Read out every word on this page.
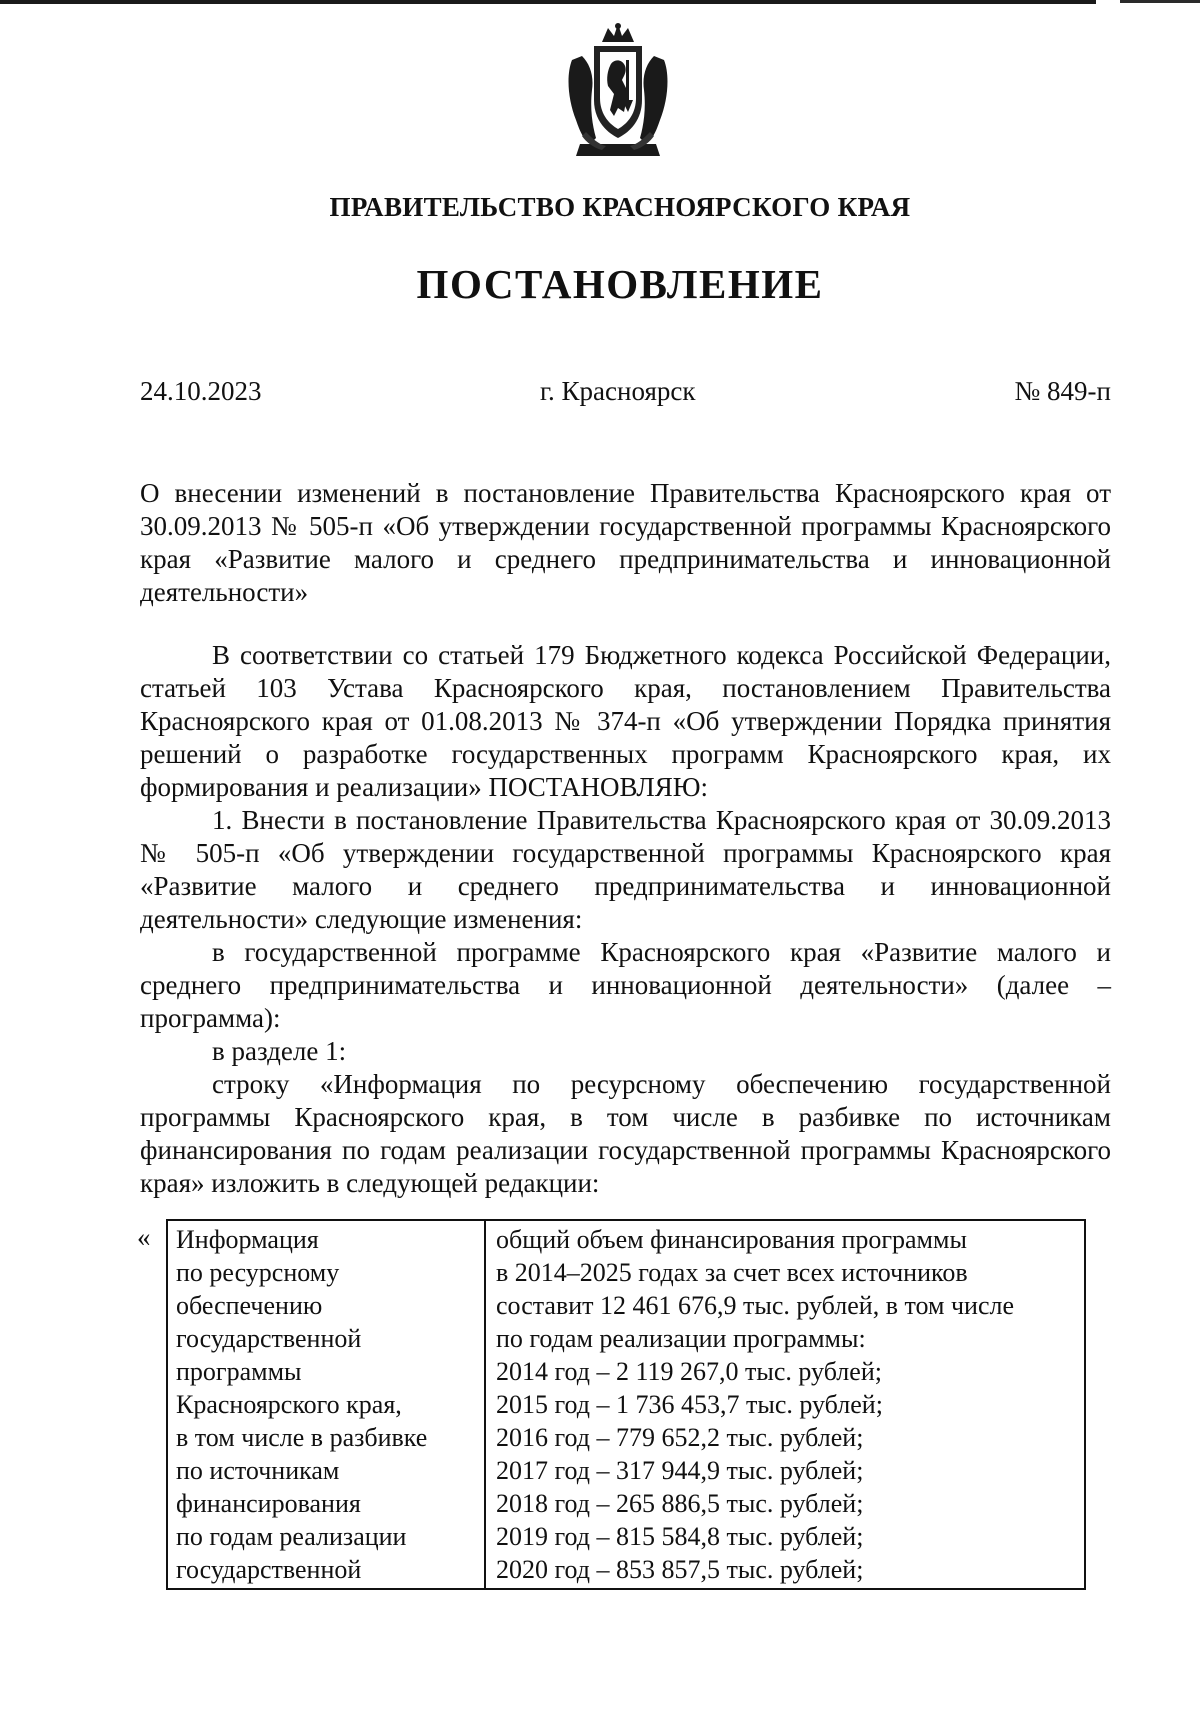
ПРАВИТЕЛЬСТВО КРАСНОЯРСКОГО КРАЯ
ПОСТАНОВЛЕНИЕ
24.10.2023	г. Красноярск	№ 849-п

О внесении изменений в постановление Правительства Красноярского края от 30.09.2013 № 505-п «Об утверждении государственной программы Красноярского края «Развитие малого и среднего предпринимательства и инновационной деятельности»

В соответствии со статьей 179 Бюджетного кодекса Российской Федерации, статьей 103 Устава Красноярского края, постановлением Правительства Красноярского края от 01.08.2013 № 374-п «Об утверждении Порядка принятия решений о разработке государственных программ Красноярского края, их формирования и реализации» ПОСТАНОВЛЯЮ:

1. Внести в постановление Правительства Красноярского края от 30.09.2013 № 505-п «Об утверждении государственной программы Красноярского края «Развитие малого и среднего предпринимательства и инновационной деятельности» следующие изменения:

в государственной программе Красноярского края «Развитие малого и среднего предпринимательства и инновационной деятельности» (далее – программа):

в разделе 1:

строку «Информация по ресурсному обеспечению государственной программы Красноярского края, в том числе в разбивке по источникам финансирования по годам реализации государственной программы Красноярского края» изложить в следующей редакции:

« Информация
по ресурсному
обеспечению
государственной
программы
Красноярского края,
в том числе в разбивке
по источникам
финансирования
по годам реализации
государственной
общий объем финансирования программы
в 2014–2025 годах за счет всех источников
составит 12 461 676,9 тыс. рублей, в том числе
по годам реализации программы:
2014 год – 2 119 267,0 тыс. рублей;
2015 год – 1 736 453,7 тыс. рублей;
2016 год – 779 652,2 тыс. рублей;
2017 год – 317 944,9 тыс. рублей;
2018 год – 265 886,5 тыс. рублей;
2019 год – 815 584,8 тыс. рублей;
2020 год – 853 857,5 тыс. рублей;
